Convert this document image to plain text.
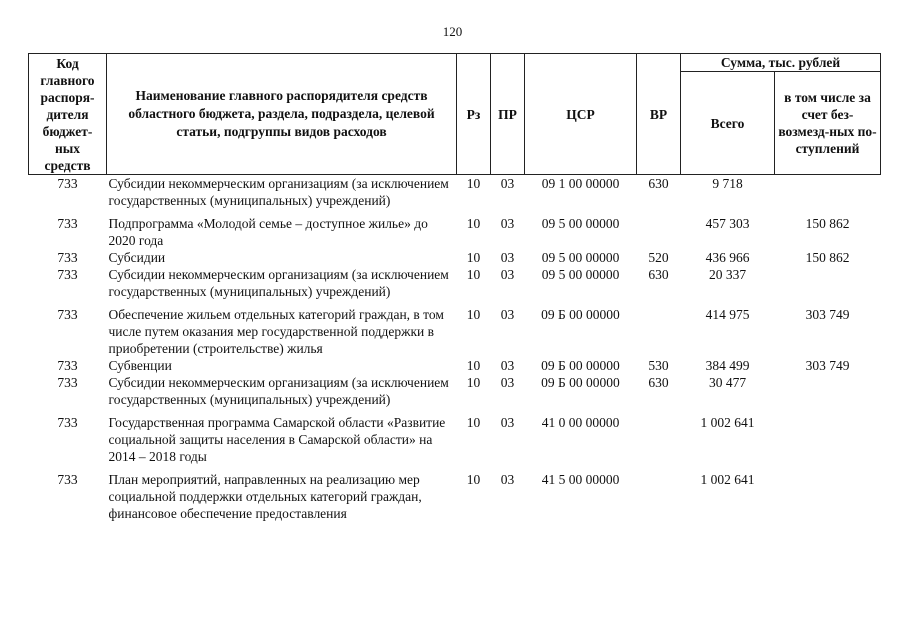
120
Код главного распоря-дителя бюджет-ных средств	Наименование главного распорядителя средств областного бюджета, раздела, подраздела, целевой статьи, подгруппы видов расходов	Рз	ПР	ЦСР	ВР	Сумма, тыс. рублей	
						Всего	в том числе за счет без-возмезд-ных по-ступлений
733	Субсидии некоммерческим организациям (за исключением государственных (муниципальных) учреждений)	10	03	09 1 00 00000	630	9 718	
733	Подпрограмма «Молодой семье – доступное жилье» до 2020 года	10	03	09 5 00 00000		457 303	150 862
733	Субсидии	10	03	09 5 00 00000	520	436 966	150 862
733	Субсидии некоммерческим организациям (за исключением государственных (муниципальных) учреждений)	10	03	09 5 00 00000	630	20 337	
733	Обеспечение жильем отдельных категорий граждан, в том числе путем оказания мер государственной поддержки в приобретении (строительстве) жилья	10	03	09 Б 00 00000		414 975	303 749
733	Субвенции	10	03	09 Б 00 00000	530	384 499	303 749
733	Субсидии некоммерческим организациям (за исключением государственных (муниципальных) учреждений)	10	03	09 Б 00 00000	630	30 477	
733	Государственная программа Самарской области «Развитие социальной защиты населения в Самарской области» на 2014 – 2018 годы	10	03	41 0 00 00000		1 002 641	
733	План мероприятий, направленных на реализацию мер социальной поддержки отдельных категорий граждан, финансовое обеспечение предоставления	10	03	41 5 00 00000		1 002 641	
